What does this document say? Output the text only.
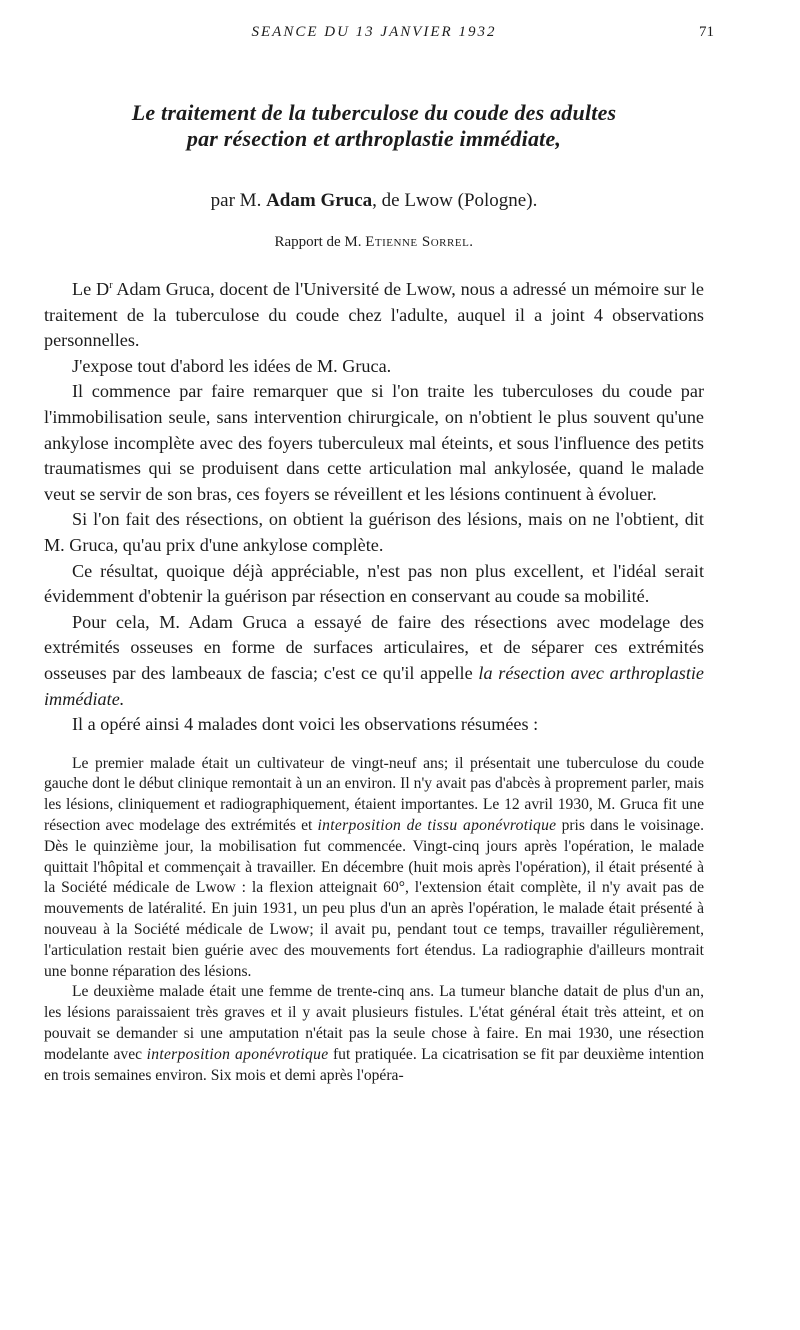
SEANCE DU 13 JANVIER 1932	71
Le traitement de la tuberculose du coude des adultes
par résection et arthroplastie immédiate,
par M. Adam Gruca, de Lwow (Pologne).
Rapport de M. Etienne Sorrel.

Le $D^r$ Adam Gruca, docent de l'Université de Lwow, nous a adressé un mémoire sur le traitement de la tuberculose du coude chez l'adulte, auquel il a joint 4 observations personnelles.

J'expose tout d'abord les idées de M. Gruca.

Il commence par faire remarquer que si l'on traite les tuberculoses du coude par l'immobilisation seule, sans intervention chirurgicale, on n'obtient le plus souvent qu'une ankylose incomplète avec des foyers tuberculeux mal éteints, et sous l'influence des petits traumatismes qui se produisent dans cette articulation mal ankylosée, quand le malade veut se servir de son bras, ces foyers se réveillent et les lésions continuent à évoluer.

Si l'on fait des résections, on obtient la guérison des lésions, mais on ne l'obtient, dit M. Gruca, qu'au prix d'une ankylose complète.

Ce résultat, quoique déjà appréciable, n'est pas non plus excellent, et l'idéal serait évidemment d'obtenir la guérison par résection en conservant au coude sa mobilité.

Pour cela, M. Adam Gruca a essayé de faire des résections avec modelage des extrémités osseuses en forme de surfaces articulaires, et de séparer ces extrémités osseuses par des lambeaux de fascia; c'est ce qu'il appelle la résection avec arthroplastie immédiate.

Il a opéré ainsi 4 malades dont voici les observations résumées :

Le premier malade était un cultivateur de vingt-neuf ans; il présentait une tuberculose du coude gauche dont le début clinique remontait à un an environ. Il n'y avait pas d'abcès à proprement parler, mais les lésions, cliniquement et radiographiquement, étaient importantes. Le 12 avril 1930, M. Gruca fit une résection avec modelage des extrémités et interposition de tissu aponévrotique pris dans le voisinage. Dès le quinzième jour, la mobilisation fut commencée. Vingt-cinq jours après l'opération, le malade quittait l'hôpital et commençait à travailler. En décembre (huit mois après l'opération), il était présenté à la Société médicale de Lwow : la flexion atteignait 60°, l'extension était complète, il n'y avait pas de mouvements de latéralité. En juin 1931, un peu plus d'un an après l'opération, le malade était présenté à nouveau à la Société médicale de Lwow; il avait pu, pendant tout ce temps, travailler régulièrement, l'articulation restait bien guérie avec des mouvements fort étendus. La radiographie d'ailleurs montrait une bonne réparation des lésions.

Le deuxième malade était une femme de trente-cinq ans. La tumeur blanche datait de plus d'un an, les lésions paraissaient très graves et il y avait plusieurs fistules. L'état général était très atteint, et on pouvait se demander si une amputation n'était pas la seule chose à faire. En mai 1930, une résection modelante avec interposition aponévrotique fut pratiquée. La cicatrisation se fit par deuxième intention en trois semaines environ. Six mois et demi après l'opéra-
